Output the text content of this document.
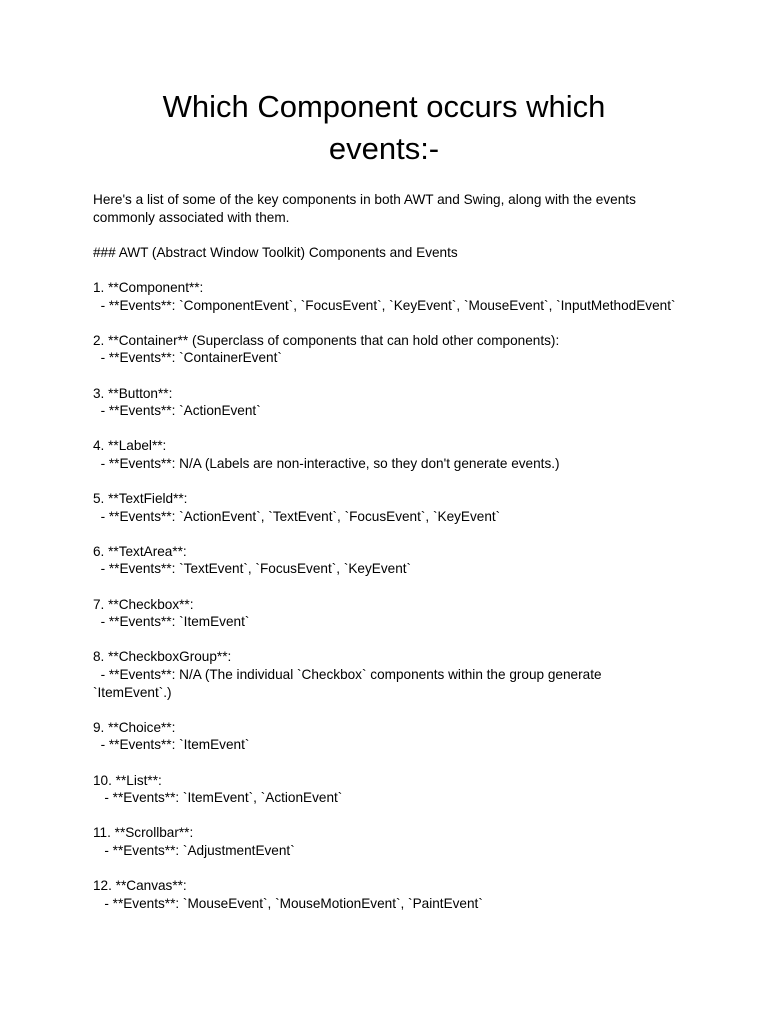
Which Component occurs which
events:-

Here's a list of some of the key components in both AWT and Swing, along with the events commonly associated with them.

### AWT (Abstract Window Toolkit) Components and Events

1. **Component**:

- **Events**: `ComponentEvent`, `FocusEvent`, `KeyEvent`, `MouseEvent`, `InputMethodEvent`

2. **Container** (Superclass of components that can hold other components):

- **Events**: `ContainerEvent`

3. **Button**:

- **Events**: `ActionEvent`

4. **Label**:

- **Events**: N/A (Labels are non-interactive, so they don't generate events.)

5. **TextField**:

- **Events**: `ActionEvent`, `TextEvent`, `FocusEvent`, `KeyEvent`

6. **TextArea**:

- **Events**: `TextEvent`, `FocusEvent`, `KeyEvent`

7. **Checkbox**:

- **Events**: `ItemEvent`

8. **CheckboxGroup**:

- **Events**: N/A (The individual `Checkbox` components within the group generate `ItemEvent`.)

9. **Choice**:

- **Events**: `ItemEvent`

10. **List**:

- **Events**: `ItemEvent`, `ActionEvent`

11. **Scrollbar**:

- **Events**: `AdjustmentEvent`

12. **Canvas**:

- **Events**: `MouseEvent`, `MouseMotionEvent`, `PaintEvent`
